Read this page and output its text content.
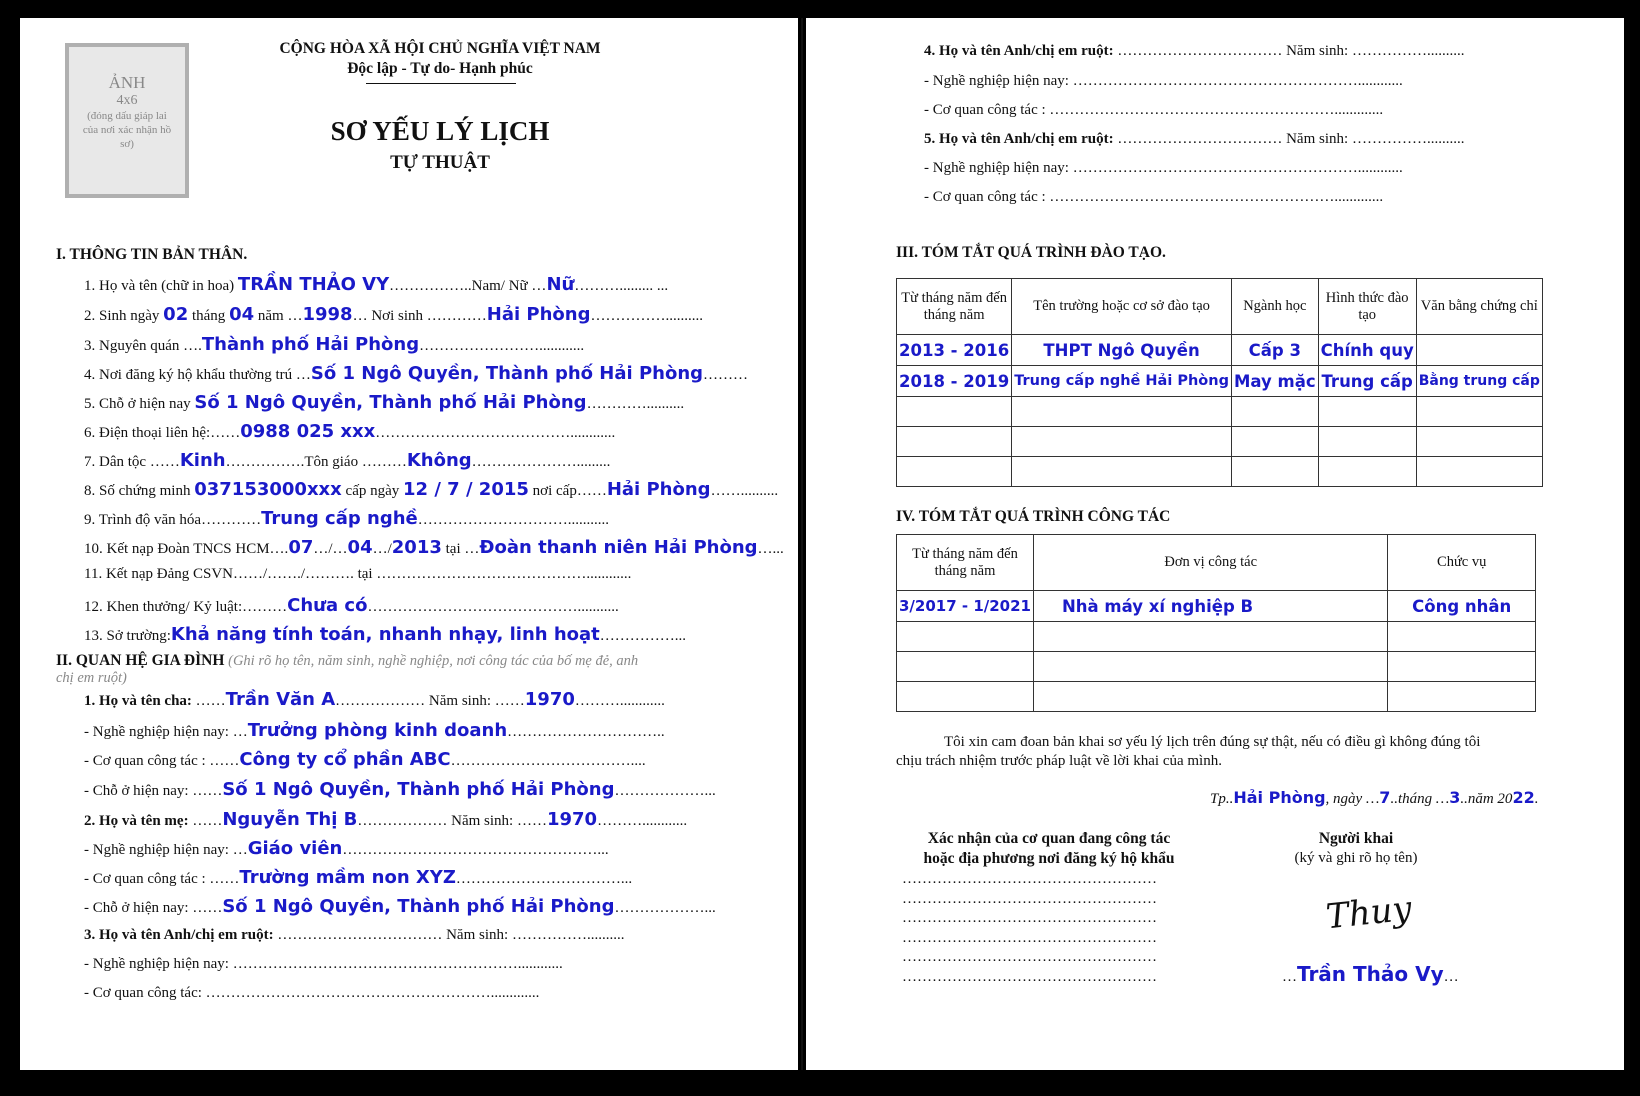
ẢNH
4x6
(đóng dấu giáp lai của nơi xác nhận hồ sơ)
CỘNG HÒA XÃ HỘI CHỦ NGHĨA VIỆT NAM
Độc lập - Tự do- Hạnh phúc
SƠ YẾU LÝ LỊCH
TỰ THUẬT
I. THÔNG TIN BẢN THÂN.
1. Họ và tên (chữ in hoa) TRẦN THẢO VY……………..Nam/ Nữ …Nữ………......... ...
2. Sinh ngày 02 tháng 04 năm …1998… Nơi sinh …………Hải Phòng……………..........
3. Nguyên quán ….Thành phố Hải Phòng……………………............
4. Nơi đăng ký hộ khẩu thường trú …Số 1 Ngô Quyền, Thành phố Hải Phòng………
5. Chỗ ở hiện nay Số 1 Ngô Quyền, Thành phố Hải Phòng…………..........
6. Điện thoại liên hệ:……0988 025 xxx…………………………………............
7. Dân tộc ……Kinh…………….Tôn giáo ………Không………………….........
8. Số chứng minh 037153000xxx cấp ngày 12 / 7 / 2015 nơi cấp……Hải Phòng……..........
9. Trình độ văn hóa…………Trung cấp nghề…………………………...........
10. Kết nạp Đoàn TNCS HCM….07…/…04…/2013 tại …Đoàn thanh niên Hải Phòng…...
11. Kết nạp Đảng CSVN……/……./………. tại ……………………………………............
12. Khen thưởng/ Kỷ luật:………Chưa có……………………………………...........
13. Sở trường:Khả năng tính toán, nhanh nhạy, linh hoạt……………...
II. QUAN HỆ GIA ĐÌNH (Ghi rõ họ tên, năm sinh, nghề nghiệp, nơi công tác của bố mẹ đẻ, anh
chị em ruột)
1. Họ và tên cha: ……Trần Văn A……………… Năm sinh: ……1970………............
- Nghề nghiệp hiện nay: …Trưởng phòng kinh doanh…………………………..
- Cơ quan công tác : ……Công ty cổ phần ABC………………………………....
- Chỗ ở hiện nay: ……Số 1 Ngô Quyền, Thành phố Hải Phòng………………...
2. Họ và tên mẹ: ……Nguyễn Thị B……………… Năm sinh: ……1970………............
- Nghề nghiệp hiện nay: …Giáo viên……………………………………………...
- Cơ quan công tác : ……Trường mầm non XYZ……………………………...
- Chỗ ở hiện nay: ……Số 1 Ngô Quyền, Thành phố Hải Phòng………………...
3. Họ và tên Anh/chị em ruột: …………………………… Năm sinh: ……………..........
- Nghề nghiệp hiện nay: …………………………………………………............
- Cơ quan công tác: ………………………………………………….............
4. Họ và tên Anh/chị em ruột: …………………………… Năm sinh: ……………..........
- Nghề nghiệp hiện nay: …………………………………………………............
- Cơ quan công tác : ………………………………………………….............
5. Họ và tên Anh/chị em ruột: …………………………… Năm sinh: ……………..........
- Nghề nghiệp hiện nay: …………………………………………………............
- Cơ quan công tác : ………………………………………………….............
III. TÓM TẮT QUÁ TRÌNH ĐÀO TẠO.
Từ tháng năm đến tháng năm	Tên trường hoặc cơ sở đào tạo	Ngành học	Hình thức đào tạo	Văn bằng chứng chỉ
2013 - 2016	THPT Ngô Quyền	Cấp 3	Chính quy	
2018 - 2019	Trung cấp nghề Hải Phòng	May mặc	Trung cấp	Bằng trung cấp

IV. TÓM TẮT QUÁ TRÌNH CÔNG TÁC
Từ tháng năm đến tháng năm	Đơn vị công tác	Chức vụ
3/2017 - 1/2021	Nhà máy xí nghiệp B	Công nhân

Tôi xin cam đoan bản khai sơ yếu lý lịch trên đúng sự thật, nếu có điều gì không đúng tôi
chịu trách nhiệm trước pháp luật về lời khai của mình.
Tp..Hải Phòng, ngày …7..tháng …3..năm 2022.
Xác nhận của cơ quan đang công tác
hoặc địa phương nơi đăng ký hộ khẩu
……………………………………………
……………………………………………
……………………………………………
……………………………………………
……………………………………………
……………………………………………
Người khai
(ký và ghi rõ họ tên)
Thuy
…Trần Thảo Vy…
